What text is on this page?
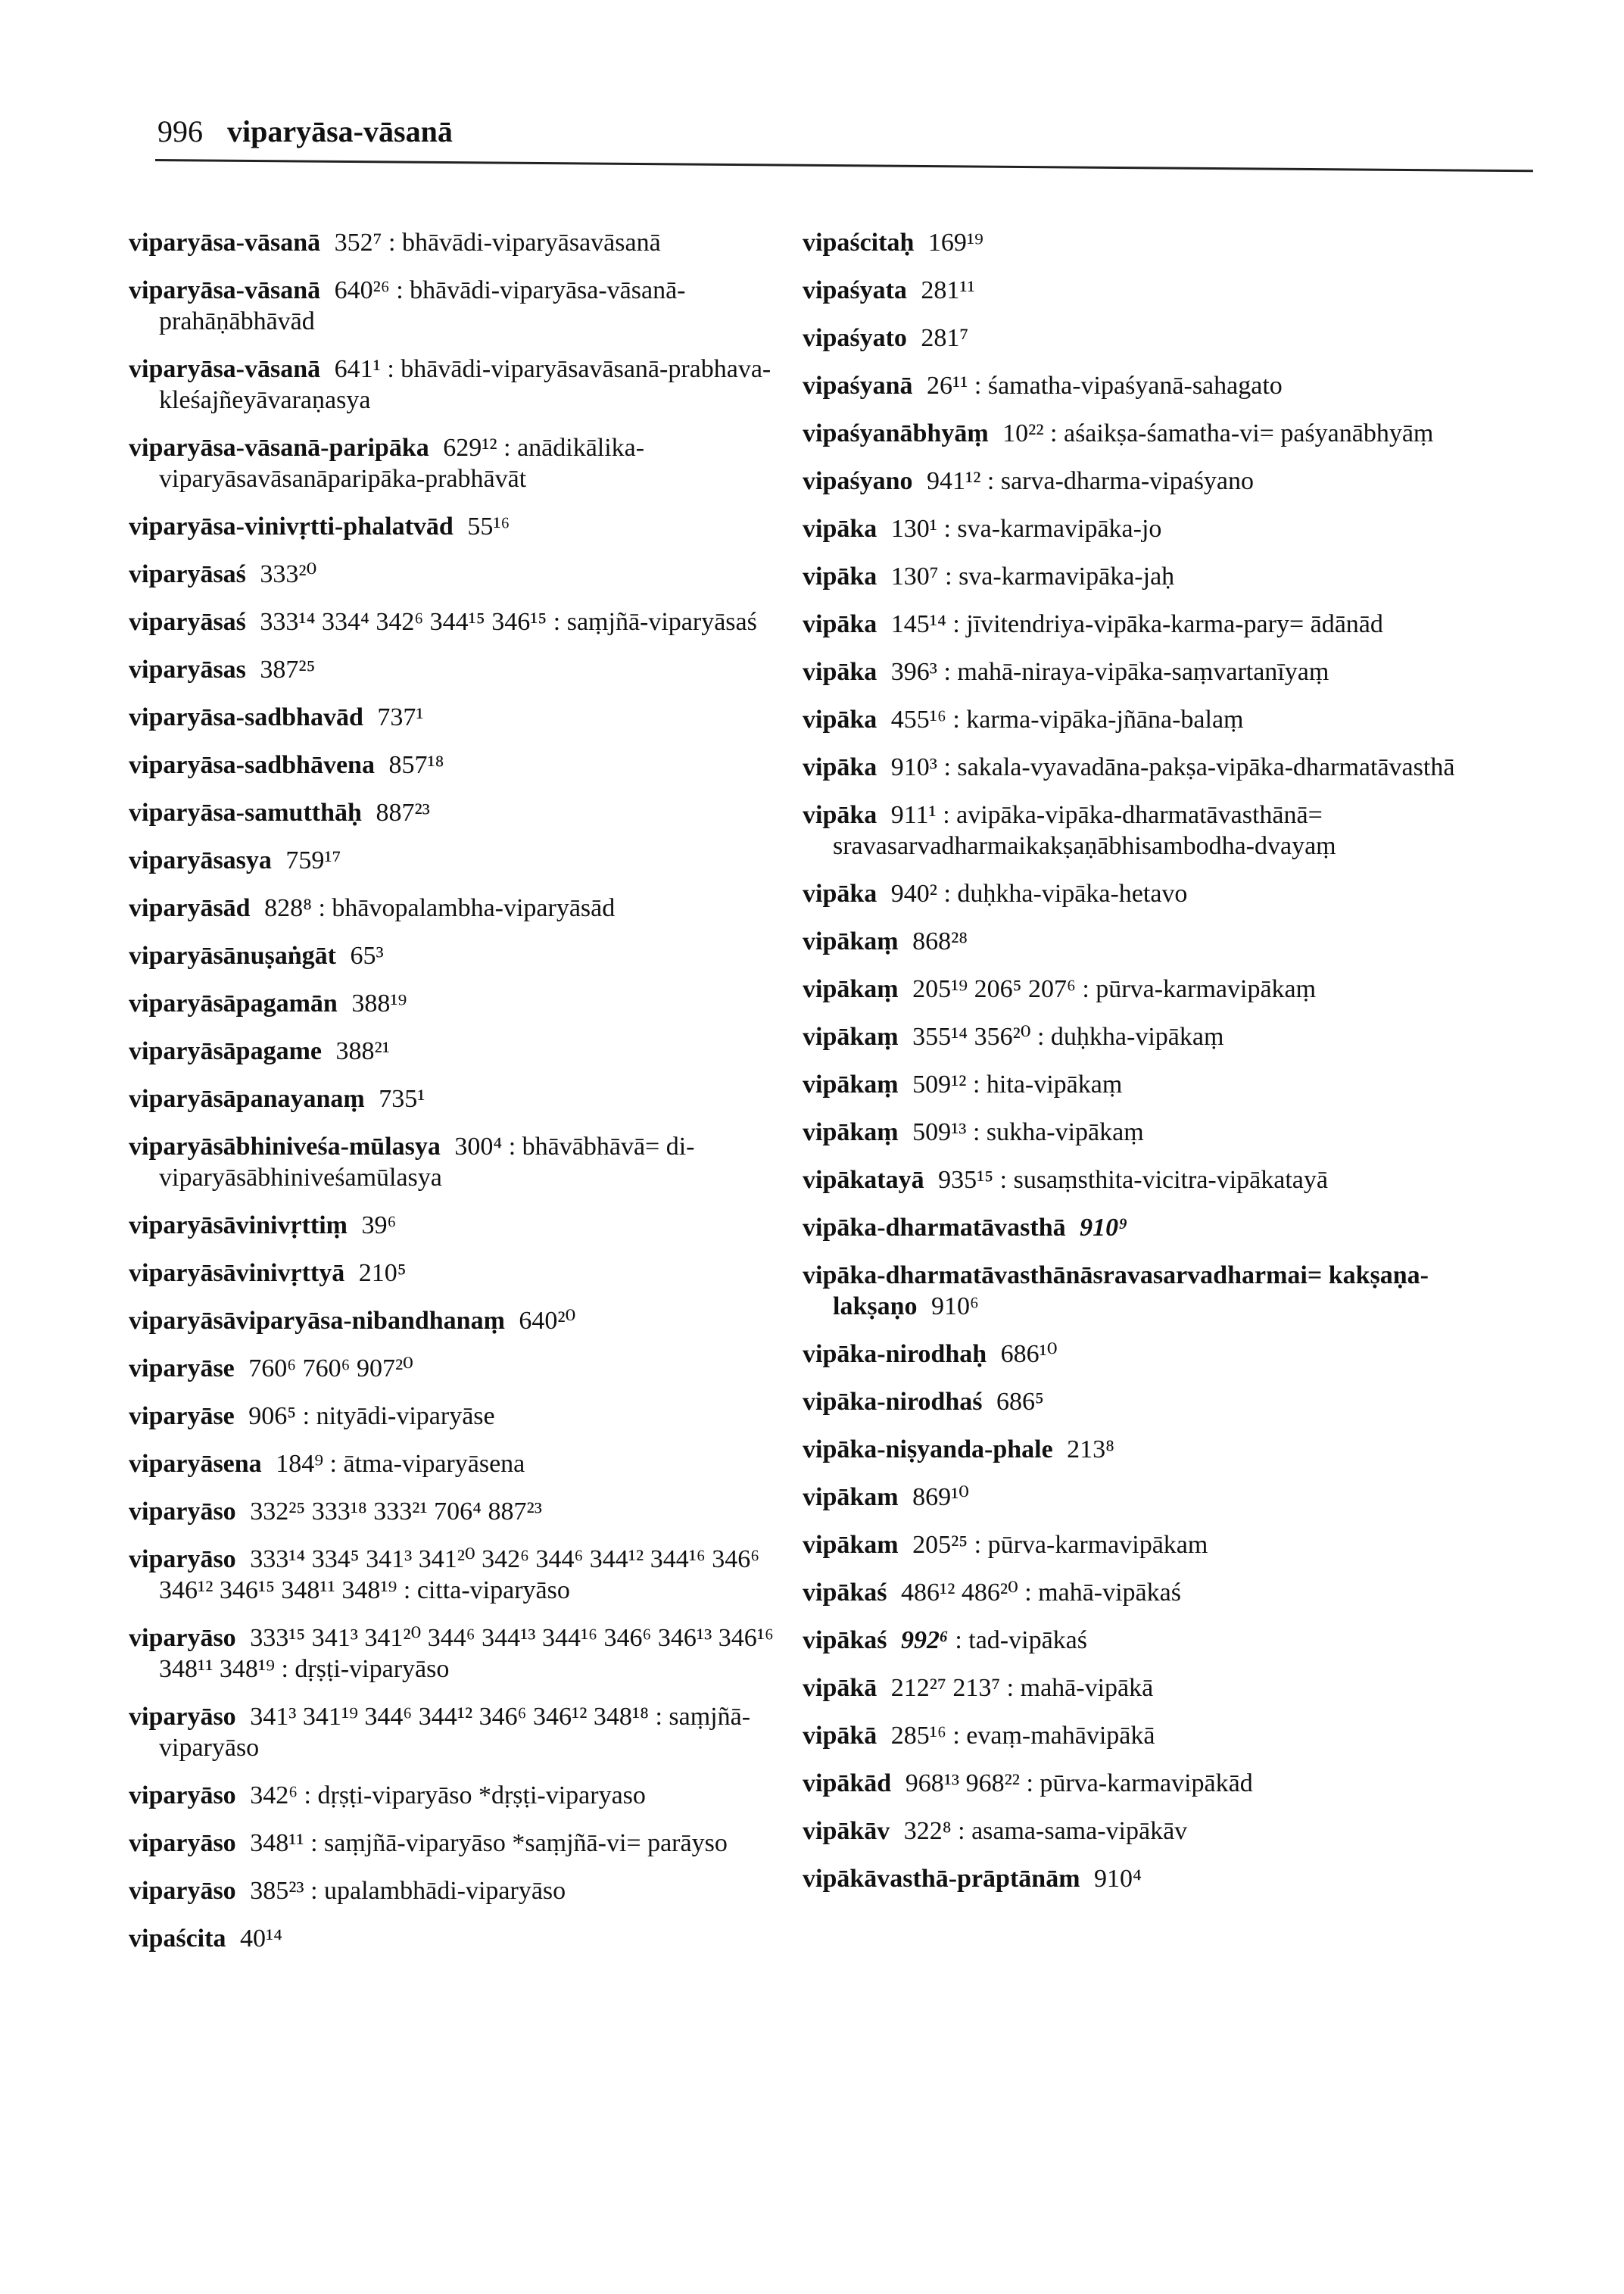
996 viparyāsa-vāsanā
viparyāsa-vāsanā 352⁷ : bhāvādi-viparyāsavāsanā
viparyāsa-vāsanā 640²⁶ : bhāvādi-viparyāsa-vāsanā-prahāṇābhāvād
viparyāsa-vāsanā 641¹ : bhāvādi-viparyāsavāsanā-prabhava-kleśajñeyāvaraṇasya
viparyāsa-vāsanā-paripāka 629¹² : anādikālika-viparyāsavāsanāparipāka-prabhāvāt
viparyāsa-vinivṛtti-phalatvād 55¹⁶
viparyāsaś 333²⁰
viparyāsaś 333¹⁴ 334⁴ 342⁶ 344¹⁵ 346¹⁵ : saṃjñā-viparyāsaś
viparyāsas 387²⁵
viparyāsa-sadbhavād 737¹
viparyāsa-sadbhāvena 857¹⁸
viparyāsa-samutthāḥ 887²³
viparyāsasya 759¹⁷
viparyāsād 828⁸ : bhāvopalambha-viparyāsād
viparyāsānuṣaṅgāt 65³
viparyāsāpagamān 388¹⁹
viparyāsāpagame 388²¹
viparyāsāpanayanaṃ 735¹
viparyāsābhiniveśa-mūlasya 300⁴ : bhāvābhāvā= di-viparyāsābhiniveśamūlasya
viparyāsāvinivṛttiṃ 39⁶
viparyāsāvinivṛttyā 210⁵
viparyāsāviparyāsa-nibandhanaṃ 640²⁰
viparyāse 760⁶ 760⁶ 907²⁰
viparyāse 906⁵ : nityādi-viparyāse
viparyāsena 184⁹ : ātma-viparyāsena
viparyāso 332²⁵ 333¹⁸ 333²¹ 706⁴ 887²³
viparyāso 333¹⁴ 334⁵ 341³ 341²⁰ 342⁶ 344⁶ 344¹² 344¹⁶ 346⁶ 346¹² 346¹⁵ 348¹¹ 348¹⁹ : citta-viparyāso
viparyāso 333¹⁵ 341³ 341²⁰ 344⁶ 344¹³ 344¹⁶ 346⁶ 346¹³ 346¹⁶ 348¹¹ 348¹⁹ : dṛṣṭi-viparyāso
viparyāso 341³ 341¹⁹ 344⁶ 344¹² 346⁶ 346¹² 348¹⁸ : saṃjñā-viparyāso
viparyāso 342⁶ : dṛṣṭi-viparyāso *dṛṣṭi-viparyaso
viparyāso 348¹¹ : saṃjñā-viparyāso *saṃjñā-vi= parāyso
viparyāso 385²³ : upalambhādi-viparyāso
vipaścita 40¹⁴
vipaścitaḥ 169¹⁹
vipaśyata 281¹¹
vipaśyato 281⁷
vipaśyanā 26¹¹ : śamatha-vipaśyanā-sahagato
vipaśyanābhyāṃ 10²² : aśaikṣa-śamatha-vi= paśyanābhyāṃ
vipaśyano 941¹² : sarva-dharma-vipaśyano
vipāka 130¹ : sva-karmavipāka-jo
vipāka 130⁷ : sva-karmavipāka-jaḥ
vipāka 145¹⁴ : jīvitendriya-vipāka-karma-pary= ādānād
vipāka 396³ : mahā-niraya-vipāka-saṃvartanīyaṃ
vipāka 455¹⁶ : karma-vipāka-jñāna-balaṃ
vipāka 910³ : sakala-vyavadāna-pakṣa-vipāka-dharmatāvasthā
vipāka 911¹ : avipāka-vipāka-dharmatāvasthānā= sravasarvadharmaikakṣaṇābhisambodha-dvayaṃ
vipāka 940² : duḥkha-vipāka-hetavo
vipākaṃ 868²⁸
vipākaṃ 205¹⁹ 206⁵ 207⁶ : pūrva-karmavipākaṃ
vipākaṃ 355¹⁴ 356²⁰ : duḥkha-vipākaṃ
vipākaṃ 509¹² : hita-vipākaṃ
vipākaṃ 509¹³ : sukha-vipākaṃ
vipākatayā 935¹⁵ : susaṃsthita-vicitra-vipākatayā
vipāka-dharmatāvasthā 910⁹
vipāka-dharmatāvasthānāsravasarvadharmai= kakṣaṇa-lakṣaṇo 910⁶
vipāka-nirodhaḥ 686¹⁰
vipāka-nirodhaś 686⁵
vipāka-niṣyanda-phale 213⁸
vipākam 869¹⁰
vipākam 205²⁵ : pūrva-karmavipākam
vipākaś 486¹² 486²⁰ : mahā-vipākaś
vipākaś 992⁶ : tad-vipākaś
vipākā 212²⁷ 213⁷ : mahā-vipākā
vipākā 285¹⁶ : evaṃ-mahāvipākā
vipākād 968¹³ 968²² : pūrva-karmavipākād
vipākāv 322⁸ : asama-sama-vipākāv
vipākāvasthā-prāptānām 910⁴
